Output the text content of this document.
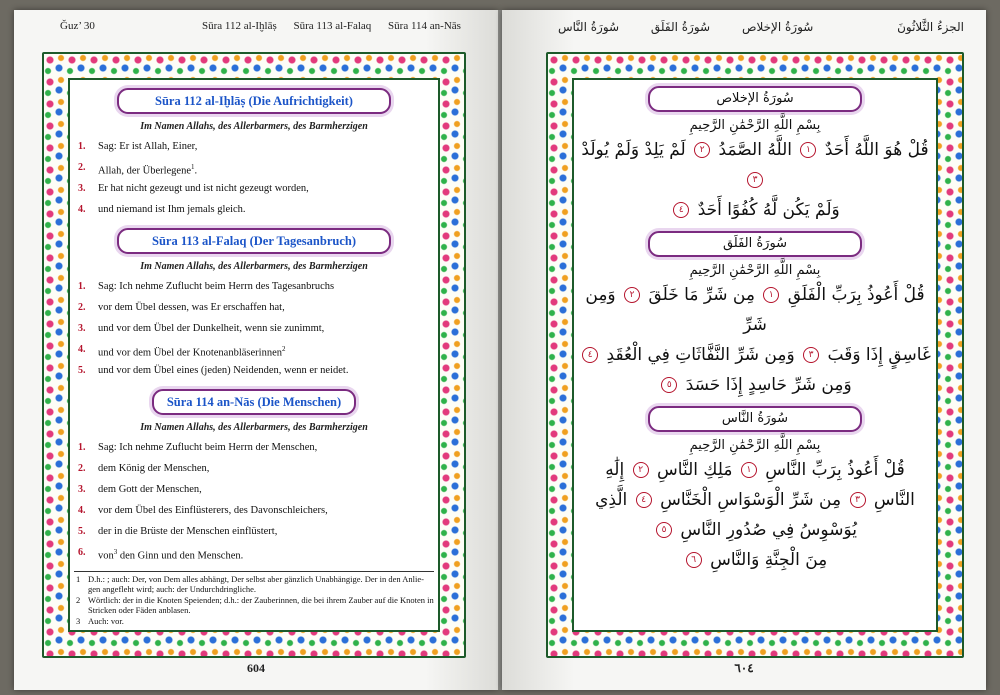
Ǧuz’ 30	Sūra 112 al-Iḫlāṣ Sūra 113 al-Falaq Sūra 114 an-Nās
Sūra 112 al-Iḫlāṣ (Die Aufrichtigkeit)
Im Namen Allahs, des Allerbarmers, des Barmherzigen
1. Sag: Er ist Allah, Einer,
2. Allah, der Überlegene$^1$.
3. Er hat nicht gezeugt und ist nicht gezeugt worden,
4. und niemand ist Ihm jemals gleich.
Sūra 113 al-Falaq (Der Tagesanbruch)
Im Namen Allahs, des Allerbarmers, des Barmherzigen
1. Sag: Ich nehme Zuflucht beim Herrn des Tagesanbruchs
2. vor dem Übel dessen, was Er erschaffen hat,
3. und vor dem Übel der Dunkelheit, wenn sie zunimmt,
4. und vor dem Übel der Knotenanbläserinnen$^2$
5. und vor dem Übel eines (jeden) Neidenden, wenn er neidet.
Sūra 114 an-Nās (Die Menschen)
Im Namen Allahs, des Allerbarmers, des Barmherzigen
1. Sag: Ich nehme Zuflucht beim Herrn der Menschen,
2. dem König der Menschen,
3. dem Gott der Menschen,
4. vor dem Übel des Einflüsterers, des Davonschleichers,
5. der in die Brüste der Menschen einflüstert,
6. von$^3$ den Ginn und den Menschen.
1 D.h.: ; auch: Der, von Dem alles abhängt, Der selbst aber gänzlich Unabhängige. Der in den Anlie-gen angefleht wird; auch: der Undurchdringliche.
2 Wörtlich: der in die Knoten Speienden; d.h.: der Zauberinnen, die bei ihrem Zauber auf die Knoten in Stricken oder Fäden anblasen.
3 Auch: vor.
604
الجزءُ الثَّلاثُونَ
سُورَةُ الإخلاص سُورَةُ الفَلَق سُورَةُ النَّاس
سُورَةُ الإخلاص
بِسْمِ اللَّهِ الرَّحْمَٰنِ الرَّحِيمِ
قُلْ هُوَ اللَّهُ أَحَدٌ ١ اللَّهُ الصَّمَدُ ٢ لَمْ يَلِدْ وَلَمْ يُولَدْ ٣
وَلَمْ يَكُن لَّهُ كُفُوًا أَحَدٌ ٤
سُورَةُ الفَلَق
بِسْمِ اللَّهِ الرَّحْمَٰنِ الرَّحِيمِ
قُلْ أَعُوذُ بِرَبِّ الْفَلَقِ ١ مِن شَرِّ مَا خَلَقَ ٢ وَمِن شَرِّ
غَاسِقٍ إِذَا وَقَبَ ٣ وَمِن شَرِّ النَّفَّاثَاتِ فِي الْعُقَدِ ٤
وَمِن شَرِّ حَاسِدٍ إِذَا حَسَدَ ٥
سُورَةُ النَّاس
بِسْمِ اللَّهِ الرَّحْمَٰنِ الرَّحِيمِ
قُلْ أَعُوذُ بِرَبِّ النَّاسِ ١ مَلِكِ النَّاسِ ٢ إِلَٰهِ
النَّاسِ ٣ مِن شَرِّ الْوَسْوَاسِ الْخَنَّاسِ ٤ الَّذِي
يُوَسْوِسُ فِي صُدُورِ النَّاسِ ٥
مِنَ الْجِنَّةِ وَالنَّاسِ ٦
٦٠٤
